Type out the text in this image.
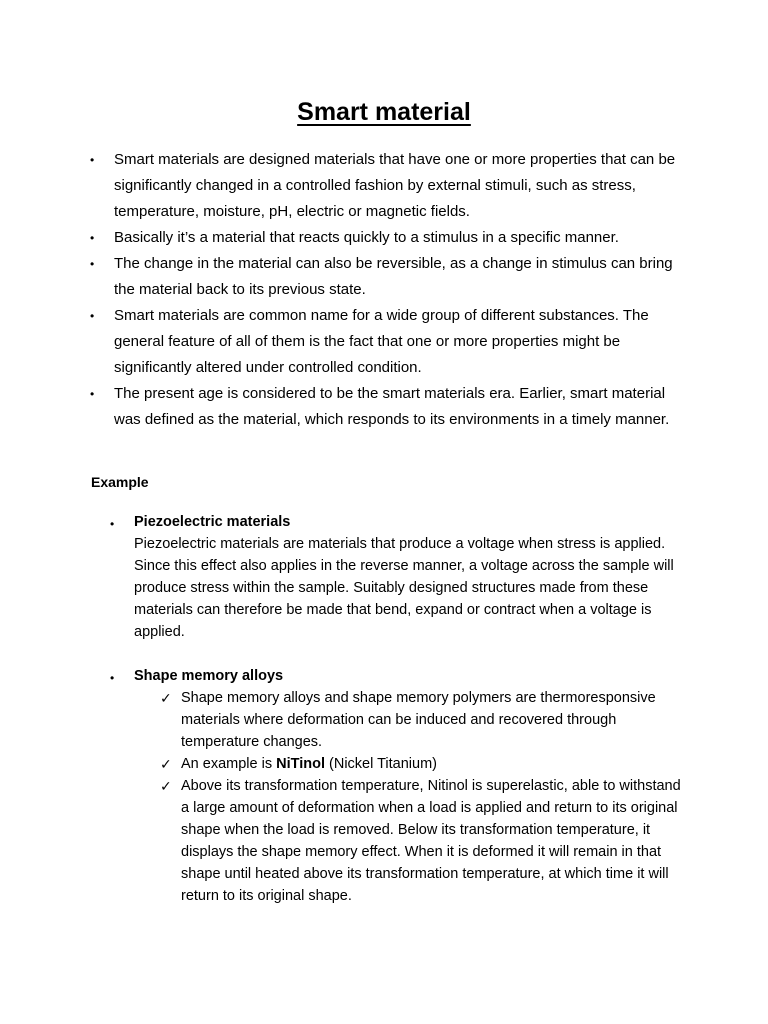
Smart material
• Smart materials are designed materials that have one or more properties that can be significantly changed in a controlled fashion by external stimuli, such as stress, temperature, moisture, pH, electric or magnetic fields.
• Basically it’s a material that reacts quickly to a stimulus in a specific manner.
• The change in the material can also be reversible, as a change in stimulus can bring the material back to its previous state.
• Smart materials are common name for a wide group of different substances. The general feature of all of them is the fact that one or more properties might be significantly altered under controlled condition.
• The present age is considered to be the smart materials era. Earlier, smart material was defined as the material, which responds to its environments in a timely manner.
Example
• Piezoelectric materials
Piezoelectric materials are materials that produce a voltage when stress is applied. Since this effect also applies in the reverse manner, a voltage across the sample will produce stress within the sample. Suitably designed structures made from these materials can therefore be made that bend, expand or contract when a voltage is applied.
• Shape memory alloys
✓ Shape memory alloys and shape memory polymers are thermoresponsive materials where deformation can be induced and recovered through temperature changes.
✓ An example is NiTinol (Nickel Titanium)
✓ Above its transformation temperature, Nitinol is superelastic, able to withstand a large amount of deformation when a load is applied and return to its original shape when the load is removed. Below its transformation temperature, it displays the shape memory effect. When it is deformed it will remain in that shape until heated above its transformation temperature, at which time it will return to its original shape.
